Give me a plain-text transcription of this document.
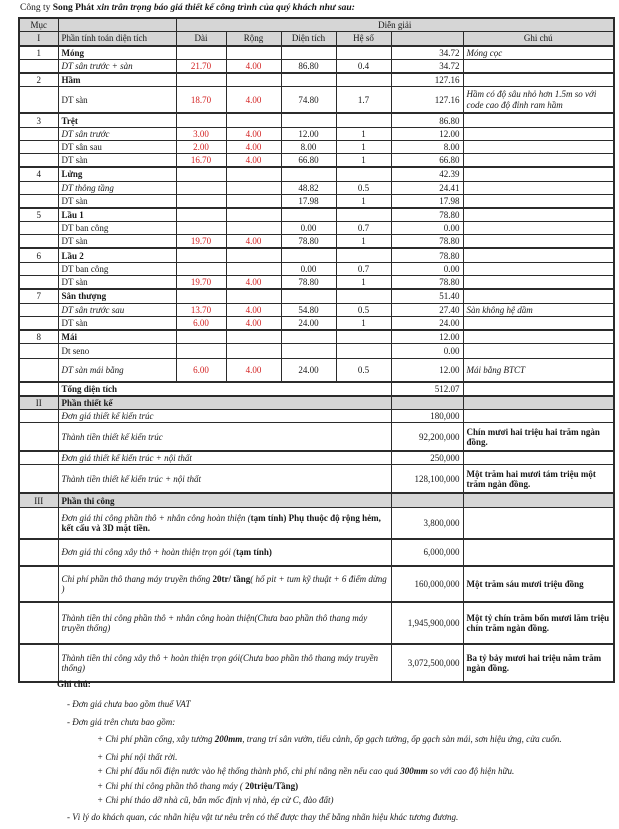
Công ty Song Phát xin trân trọng báo giá thiết kế công trình của quý khách như sau:
Mục		Diễn giải					
I	Phần tính toán diện tích	Dài	Rộng	Diện tích	Hệ số		Ghi chú
1	Móng					34.72	Móng cọc
	DT sân trước + sàn	21.70	4.00	86.80	0.4	34.72	
2	Hầm					127.16	
	DT sàn	18.70	4.00	74.80	1.7	127.16	Hầm có độ sâu nhỏ hơn 1.5m so với code cao độ đỉnh ram hầm
3	Trệt					86.80	
	DT sân trước	3.00	4.00	12.00	1	12.00	
	DT sân sau	2.00	4.00	8.00	1	8.00	
	DT sàn	16.70	4.00	66.80	1	66.80	
4	Lửng					42.39	
	DT thông tầng			48.82	0.5	24.41	
	DT sàn			17.98	1	17.98	
5	Lầu 1					78.80	
	DT ban công			0.00	0.7	0.00	
	DT sàn	19.70	4.00	78.80	1	78.80	
6	Lầu 2					78.80	
	DT ban công			0.00	0.7	0.00	
	DT sàn	19.70	4.00	78.80	1	78.80	
7	Sân thượng					51.40	
	DT sân trước sau	13.70	4.00	54.80	0.5	27.40	Sàn không hệ dầm
	DT sàn	6.00	4.00	24.00	1	24.00	
8	Mái					12.00	
	Dt seno					0.00	
	DT sàn mái bằng	6.00	4.00	24.00	0.5	12.00	Mái bằng BTCT
	Tổng diện tích					512.07	
II	Phần thiết kế						
	Đơn giá thiết kế kiến trúc					180,000	
	Thành tiền thiết kế kiến trúc					92,200,000	Chín mươi hai triệu hai trăm ngàn đồng.
	Đơn giá thiết kế kiến trúc + nội thất					250,000	
	Thành tiền thiết kế kiến trúc + nội thất					128,100,000	Một trăm hai mươi tám triệu một trăm ngàn đồng.
III	Phần thi công						
	Đơn giá thi công phần thô + nhân công hoàn thiện (tạm tính) Phụ thuộc độ rộng hẻm, kết cấu và 3D mặt tiền.					3,800,000	
	Đơn giá thi công xây thô + hoàn thiện trọn gói (tạm tính)					6,000,000	
	Chi phí phần thô thang máy truyền thống 20tr/ tầng( hố pit + tum kỹ thuật + 6 điểm dừng )					160,000,000	Một trăm sáu mươi triệu đồng
	Thành tiền thi công phần thô + nhân công hoàn thiện(Chưa bao phần thô thang máy truyền thống)					1,945,900,000	Một tỷ chín trăm bốn mươi lăm triệu chín trăm ngàn đồng.
	Thành tiền thi công xây thô + hoàn thiện trọn gói(Chưa bao phần thô thang máy truyền thống)					3,072,500,000	Ba tỷ bảy mươi hai triệu năm trăm ngàn đồng.
Ghi chú:
- Đơn giá chưa bao gồm thuế VAT
- Đơn giá trên chưa bao gồm:
+ Chi phí phần cổng, xây tường 200mm, trang trí sân vườn, tiểu cảnh, ốp gạch tường, ốp gạch sàn mái, sơn hiệu ứng, cửa cuốn.
+ Chi phí nội thất rời.
+ Chi phí đấu nối điện nước vào hệ thống thành phố, chi phí nâng nền nếu cao quá 300mm so với cao độ hiện hữu.
+ Chi phí thi công phần thô thang máy ( 20triệu/Tầng)
+ Chi phí tháo dỡ nhà cũ, bắn mốc định vị nhà, ép cừ C, đào đất)
- Vì lý do khách quan, các nhãn hiệu vật tư nêu trên có thể được thay thế bằng nhãn hiệu khác tương đương.
